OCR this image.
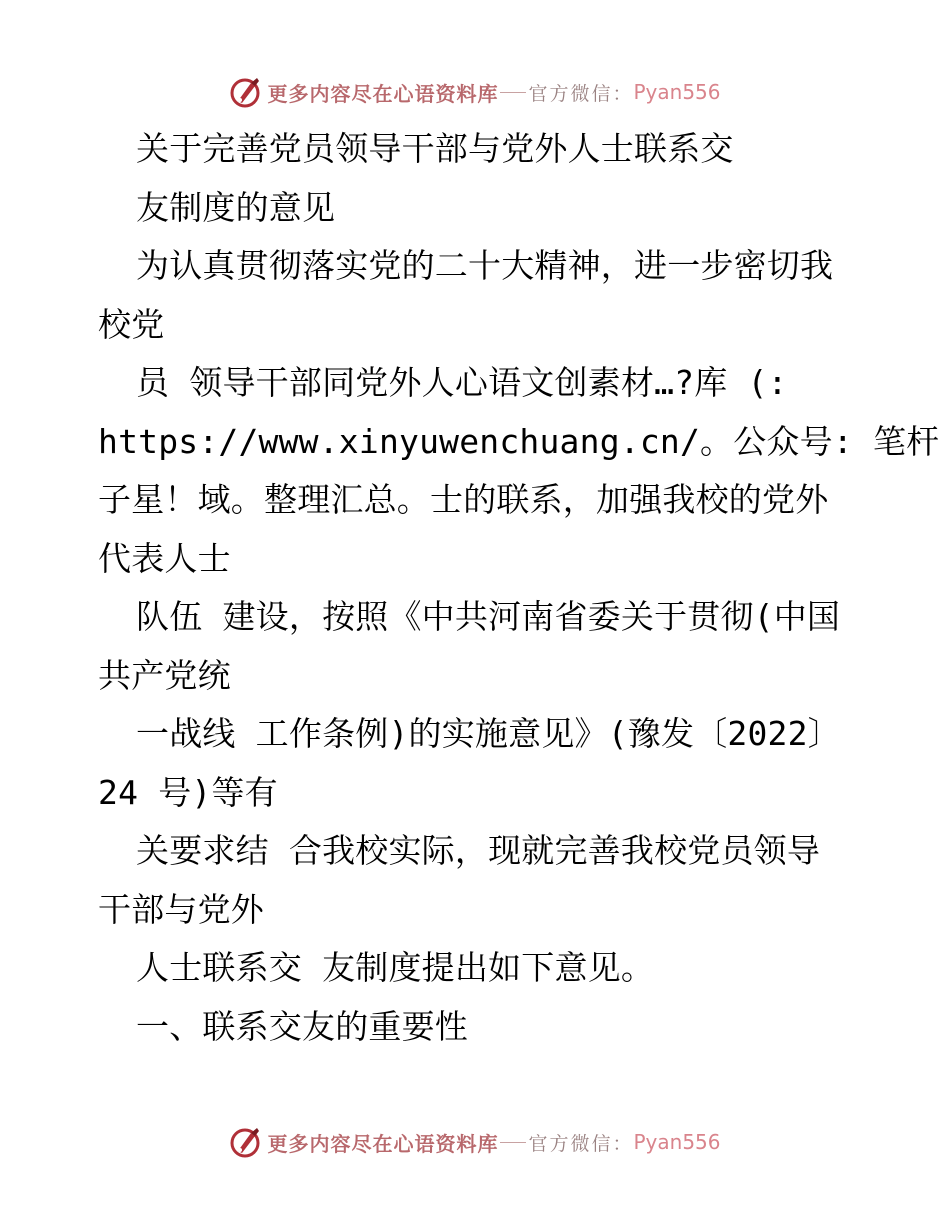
更多内容尽在心语资料库 官方微信： Pyan556
关于完善党员领导干部与党外人士联系交
友制度的意见
为认真贯彻落实党的二十大精神，进一步密切我
校党
员 领导干部同党外人心语文创素材…?库 (:
https://www.xinyuwenchuang.cn/。公众号: 笔杆
子星！域。整理汇总。士的联系，加强我校的党外
代表人士
队伍 建设，按照《中共河南省委关于贯彻(中国
共产党统
一战线 工作条例)的实施意见》(豫发〔2022〕
24 号)等有
关要求结 合我校实际，现就完善我校党员领导
干部与党外
人士联系交 友制度提出如下意见。
一、联系交友的重要性
更多内容尽在心语资料库 官方微信： Pyan556
